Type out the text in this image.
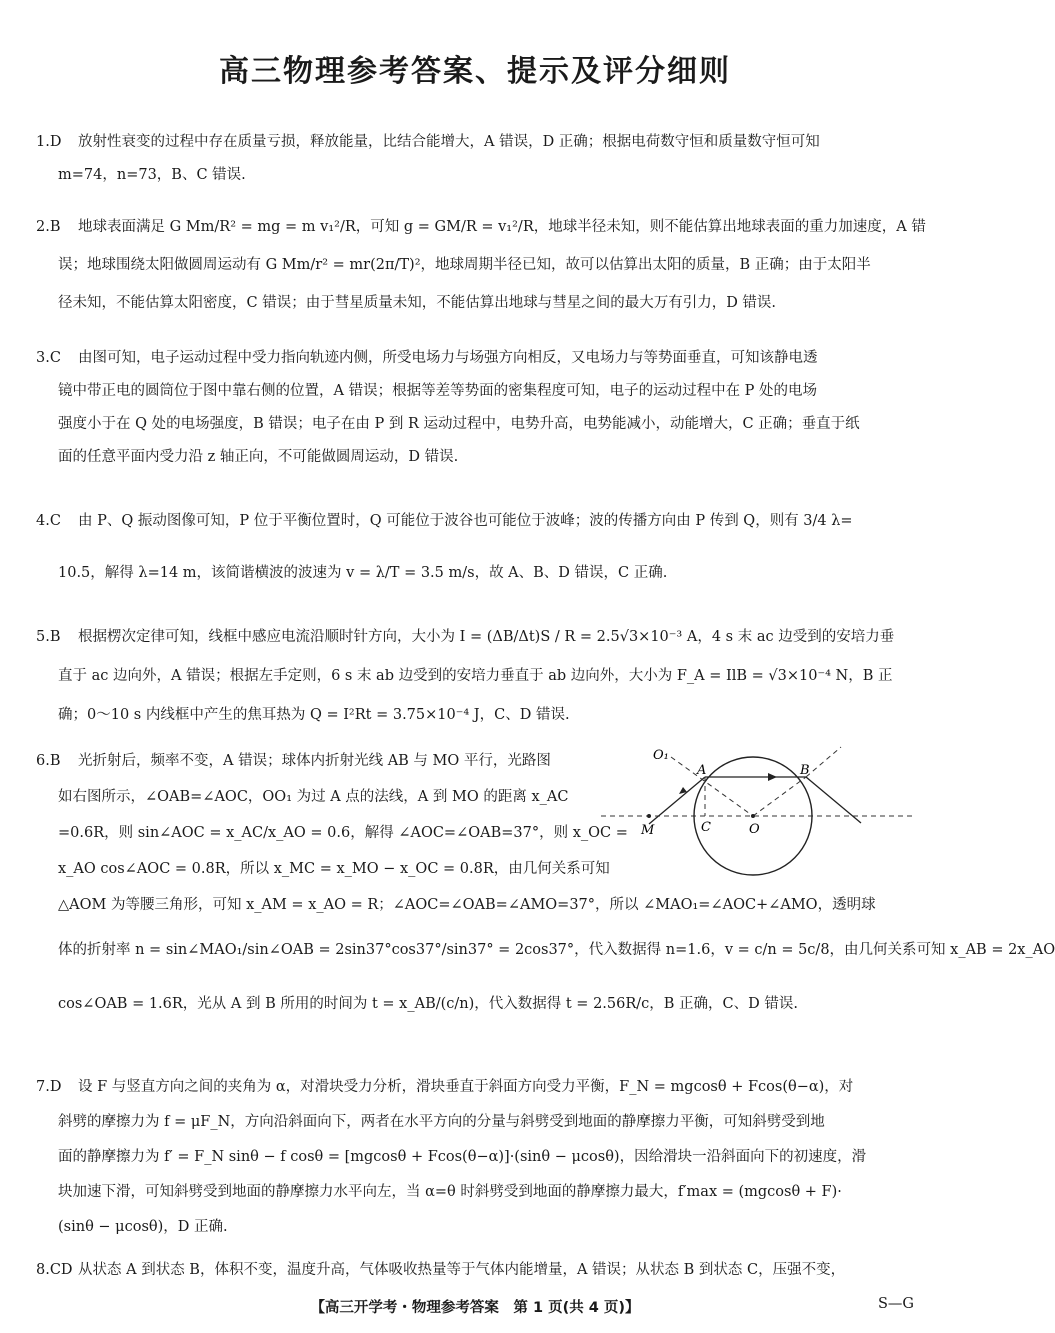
高三物理参考答案、提示及评分细则
1.D 放射性衰变的过程中存在质量亏损，释放能量，比结合能增大，A 错误，D 正确；根据电荷数守恒和质量数守恒可知
m=74，n=73，B、C 错误.
2.B 地球表面满足 G Mm/R² = mg = m v₁²/R，可知 g = GM/R = v₁²/R，地球半径未知，则不能估算出地球表面的重力加速度，A 错
误；地球围绕太阳做圆周运动有 G Mm/r² = mr(2π/T)²，地球周期半径已知，故可以估算出太阳的质量，B 正确；由于太阳半
径未知，不能估算太阳密度，C 错误；由于彗星质量未知，不能估算出地球与彗星之间的最大万有引力，D 错误.
3.C 由图可知，电子运动过程中受力指向轨迹内侧，所受电场力与场强方向相反，又电场力与等势面垂直，可知该静电透
镜中带正电的圆筒位于图中靠右侧的位置，A 错误；根据等差等势面的密集程度可知，电子的运动过程中在 P 处的电场
强度小于在 Q 处的电场强度，B 错误；电子在由 P 到 R 运动过程中，电势升高，电势能减小，动能增大，C 正确；垂直于纸
面的任意平面内受力沿 z 轴正向，不可能做圆周运动，D 错误.
4.C 由 P、Q 振动图像可知，P 位于平衡位置时，Q 可能位于波谷也可能位于波峰；波的传播方向由 P 传到 Q，则有 3/4 λ=
10.5，解得 λ=14 m，该简谐横波的波速为 v = λ/T = 3.5 m/s，故 A、B、D 错误，C 正确.
5.B 根据楞次定律可知，线框中感应电流沿顺时针方向，大小为 I = (ΔB/Δt)S / R = 2.5√3×10⁻³ A，4 s 末 ac 边受到的安培力垂
直于 ac 边向外，A 错误；根据左手定则，6 s 末 ab 边受到的安培力垂直于 ab 边向外，大小为 F_A = IlB = √3×10⁻⁴ N，B 正
确；0～10 s 内线框中产生的焦耳热为 Q = I²Rt = 3.75×10⁻⁴ J，C、D 错误.
6.B 光折射后，频率不变，A 错误；球体内折射光线 AB 与 MO 平行，光路图
如右图所示，∠OAB=∠AOC，OO₁ 为过 A 点的法线，A 到 MO 的距离 x_AC
=0.6R，则 sin∠AOC = x_AC/x_AO = 0.6，解得 ∠AOC=∠OAB=37°，则 x_OC =
x_AO cos∠AOC = 0.8R，所以 x_MC = x_MO − x_OC = 0.8R，由几何关系可知
△AOM 为等腰三角形，可知 x_AM = x_AO = R；∠AOC=∠OAB=∠AMO=37°，所以 ∠MAO₁=∠AOC+∠AMO，透明球
体的折射率 n = sin∠MAO₁/sin∠OAB = 2sin37°cos37°/sin37° = 2cos37°，代入数据得 n=1.6，v = c/n = 5c/8，由几何关系可知 x_AB = 2x_AO
cos∠OAB = 1.6R，光从 A 到 B 所用的时间为 t = x_AB/(c/n)，代入数据得 t = 2.56R/c，B 正确，C、D 错误.
O₁
A	B
M	C	O
7.D 设 F 与竖直方向之间的夹角为 α，对滑块受力分析，滑块垂直于斜面方向受力平衡，F_N = mgcosθ + Fcos(θ−α)，对
斜劈的摩擦力为 f = μF_N，方向沿斜面向下，两者在水平方向的分量与斜劈受到地面的静摩擦力平衡，可知斜劈受到地
面的静摩擦力为 f′ = F_N sinθ − f cosθ = [mgcosθ + Fcos(θ−α)]·(sinθ − μcosθ)，因给滑块一沿斜面向下的初速度，滑
块加速下滑，可知斜劈受到地面的静摩擦力水平向左，当 α=θ 时斜劈受到地面的静摩擦力最大，f′max = (mgcosθ + F)·
(sinθ − μcosθ)，D 正确.
8.CD 从状态 A 到状态 B，体积不变，温度升高，气体吸收热量等于气体内能增量，A 错误；从状态 B 到状态 C，压强不变，
【高三开学考・物理参考答案　第 1 页(共 4 页)】	S—G
